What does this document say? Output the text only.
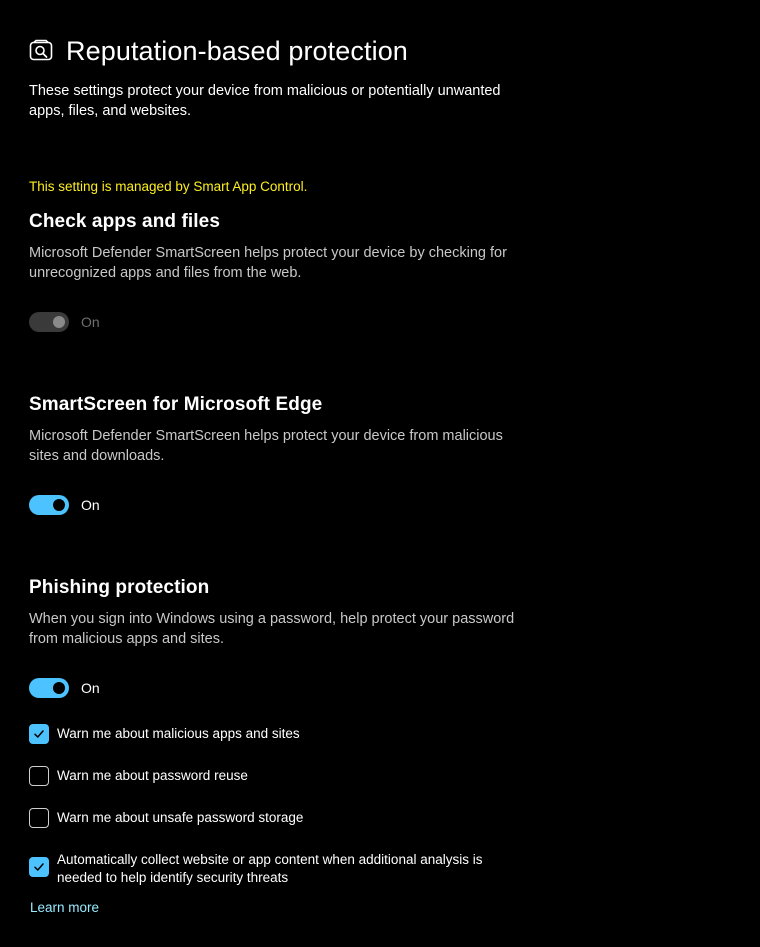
Reputation-based protection
These settings protect your device from malicious or potentially unwanted apps, files, and websites.
This setting is managed by Smart App Control.
Check apps and files
Microsoft Defender SmartScreen helps protect your device by checking for unrecognized apps and files from the web.
On
SmartScreen for Microsoft Edge
Microsoft Defender SmartScreen helps protect your device from malicious sites and downloads.
On
Phishing protection
When you sign into Windows using a password, help protect your password from malicious apps and sites.
On
Warn me about malicious apps and sites
Warn me about password reuse
Warn me about unsafe password storage
Automatically collect website or app content when additional analysis is needed to help identify security threats
Learn more
